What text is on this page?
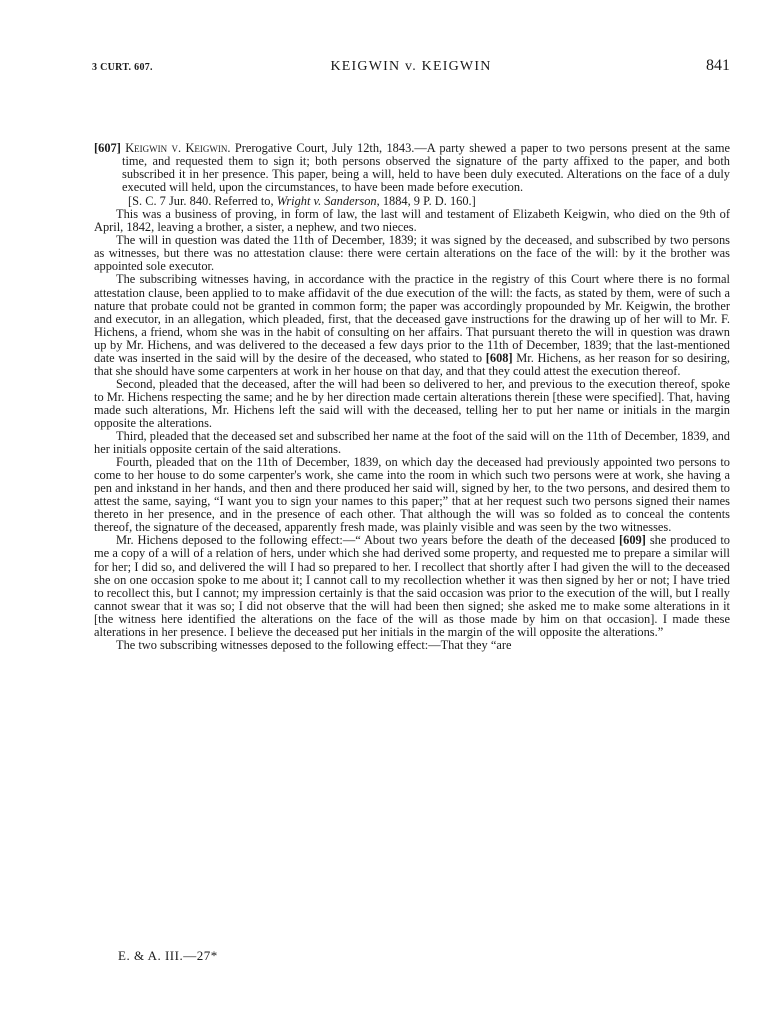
3 CURT. 607.	KEIGWIN v. KEIGWIN	841
[607] Keigwin v. Keigwin. Prerogative Court, July 12th, 1843.—A party shewed a paper to two persons present at the same time, and requested them to sign it; both persons observed the signature of the party affixed to the paper, and both subscribed it in her presence. This paper, being a will, held to have been duly executed. Alterations on the face of a duly executed will held, upon the circumstances, to have been made before execution.
[S. C. 7 Jur. 840. Referred to, Wright v. Sanderson, 1884, 9 P. D. 160.]

This was a business of proving, in form of law, the last will and testament of Elizabeth Keigwin, who died on the 9th of April, 1842, leaving a brother, a sister, a nephew, and two nieces.

The will in question was dated the 11th of December, 1839; it was signed by the deceased, and subscribed by two persons as witnesses, but there was no attestation clause: there were certain alterations on the face of the will: by it the brother was appointed sole executor.

The subscribing witnesses having, in accordance with the practice in the registry of this Court where there is no formal attestation clause, been applied to to make affidavit of the due execution of the will: the facts, as stated by them, were of such a nature that probate could not be granted in common form; the paper was accordingly propounded by Mr. Keigwin, the brother and executor, in an allegation, which pleaded, first, that the deceased gave instructions for the drawing up of her will to Mr. F. Hichens, a friend, whom she was in the habit of consulting on her affairs. That pursuant thereto the will in question was drawn up by Mr. Hichens, and was delivered to the deceased a few days prior to the 11th of December, 1839; that the last-mentioned date was inserted in the said will by the desire of the deceased, who stated to [608] Mr. Hichens, as her reason for so desiring, that she should have some carpenters at work in her house on that day, and that they could attest the execution thereof.

Second, pleaded that the deceased, after the will had been so delivered to her, and previous to the execution thereof, spoke to Mr. Hichens respecting the same; and he by her direction made certain alterations therein [these were specified]. That, having made such alterations, Mr. Hichens left the said will with the deceased, telling her to put her name or initials in the margin opposite the alterations.

Third, pleaded that the deceased set and subscribed her name at the foot of the said will on the 11th of December, 1839, and her initials opposite certain of the said alterations.

Fourth, pleaded that on the 11th of December, 1839, on which day the deceased had previously appointed two persons to come to her house to do some carpenter's work, she came into the room in which such two persons were at work, she having a pen and inkstand in her hands, and then and there produced her said will, signed by her, to the two persons, and desired them to attest the same, saying, “I want you to sign your names to this paper;” that at her request such two persons signed their names thereto in her presence, and in the presence of each other. That although the will was so folded as to conceal the contents thereof, the signature of the deceased, apparently fresh made, was plainly visible and was seen by the two witnesses.

Mr. Hichens deposed to the following effect:—“ About two years before the death of the deceased [609] she produced to me a copy of a will of a relation of hers, under which she had derived some property, and requested me to prepare a similar will for her; I did so, and delivered the will I had so prepared to her. I recollect that shortly after I had given the will to the deceased she on one occasion spoke to me about it; I cannot call to my recollection whether it was then signed by her or not; I have tried to recollect this, but I cannot; my impression certainly is that the said occasion was prior to the execution of the will, but I really cannot swear that it was so; I did not observe that the will had been then signed; she asked me to make some alterations in it [the witness here identified the alterations on the face of the will as those made by him on that occasion]. I made these alterations in her presence. I believe the deceased put her initials in the margin of the will opposite the alterations.”

The two subscribing witnesses deposed to the following effect:—That they “are

E. & A. III.—27*
